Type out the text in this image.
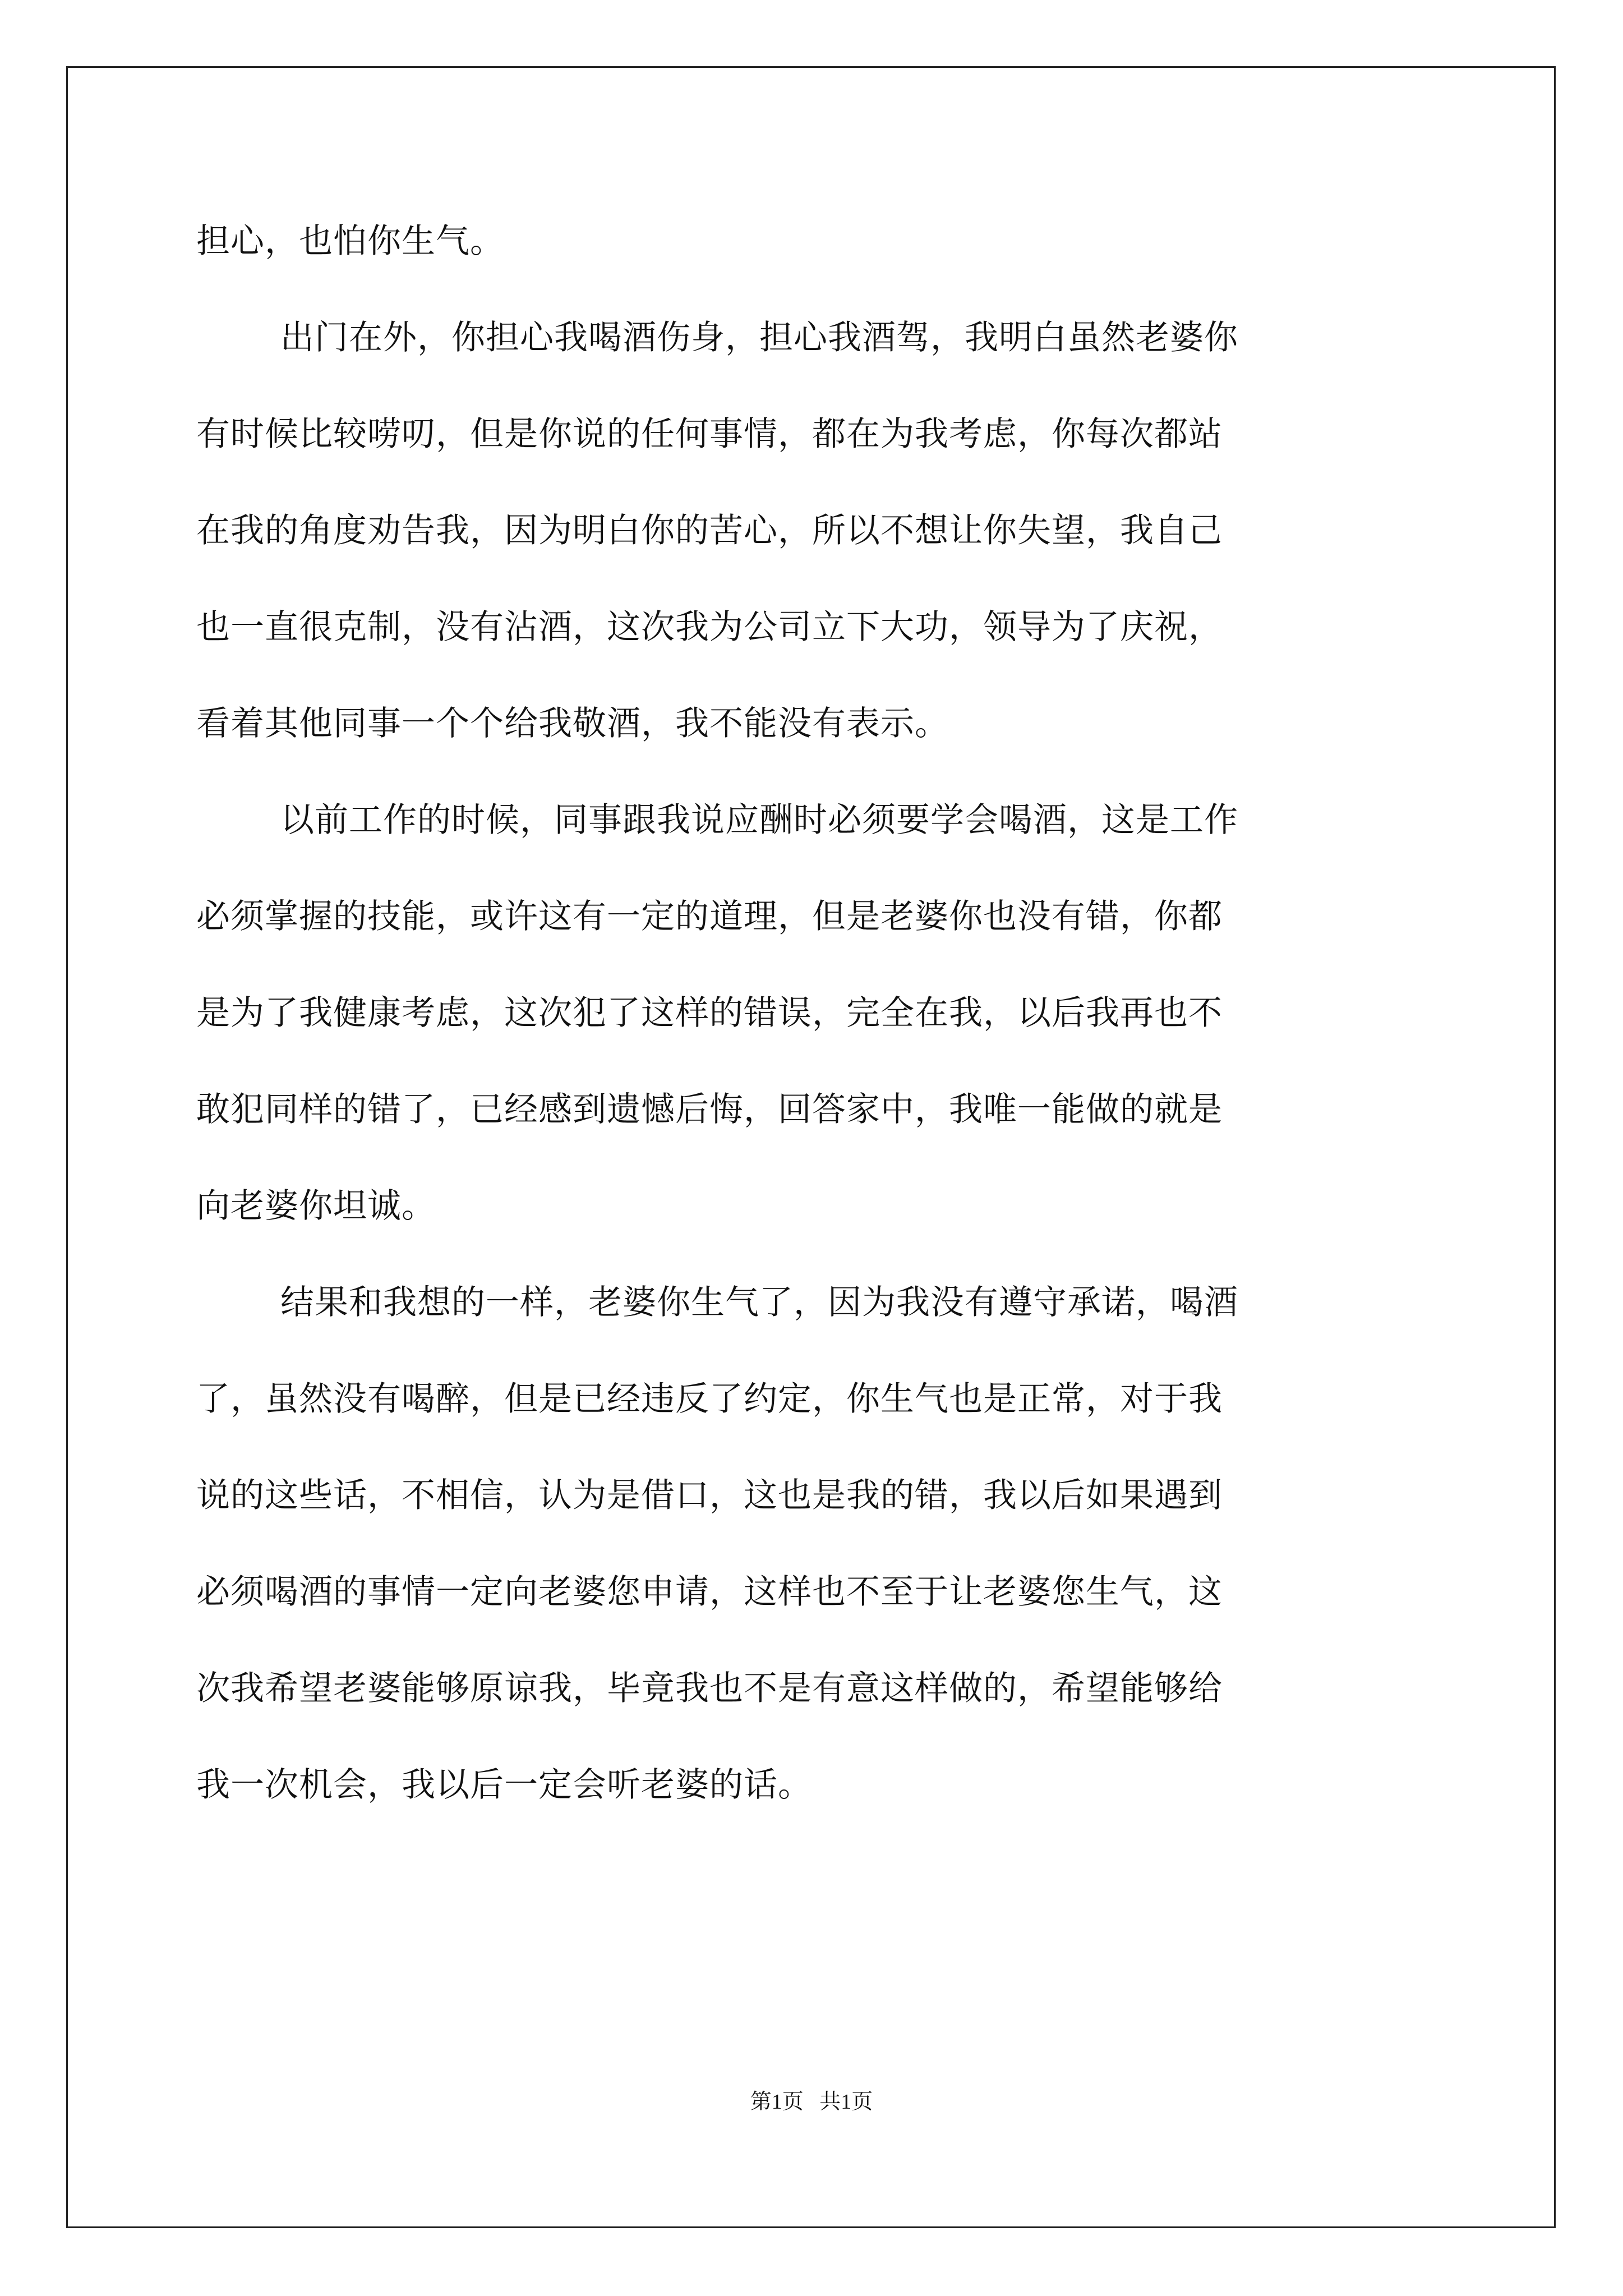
担心，也怕你生气。
出门在外，你担心我喝酒伤身，担心我酒驾，我明白虽然老婆你
有时候比较唠叨，但是你说的任何事情，都在为我考虑，你每次都站
在我的角度劝告我，因为明白你的苦心，所以不想让你失望，我自己
也一直很克制，没有沾酒，这次我为公司立下大功，领导为了庆祝，
看着其他同事一个个给我敬酒，我不能没有表示。
以前工作的时候，同事跟我说应酬时必须要学会喝酒，这是工作
必须掌握的技能，或许这有一定的道理，但是老婆你也没有错，你都
是为了我健康考虑，这次犯了这样的错误，完全在我，以后我再也不
敢犯同样的错了，已经感到遗憾后悔，回答家中，我唯一能做的就是
向老婆你坦诚。
结果和我想的一样，老婆你生气了，因为我没有遵守承诺，喝酒
了，虽然没有喝醉，但是已经违反了约定，你生气也是正常，对于我
说的这些话，不相信，认为是借口，这也是我的错，我以后如果遇到
必须喝酒的事情一定向老婆您申请，这样也不至于让老婆您生气，这
次我希望老婆能够原谅我，毕竟我也不是有意这样做的，希望能够给
我一次机会，我以后一定会听老婆的话。
第1页   共1页
